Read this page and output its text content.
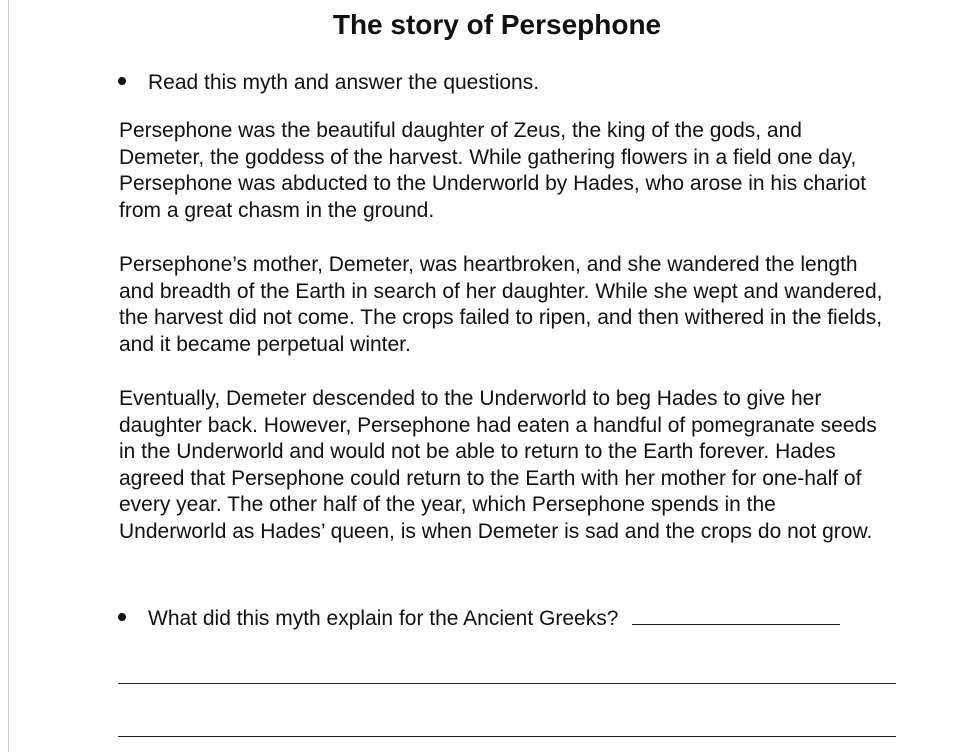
The story of Persephone
Read this myth and answer the questions.

Persephone was the beautiful daughter of Zeus, the king of the gods, and Demeter, the goddess of the harvest. While gathering flowers in a field one day, Persephone was abducted to the Underworld by Hades, who arose in his chariot from a great chasm in the ground.

Persephone’s mother, Demeter, was heartbroken, and she wandered the length and breadth of the Earth in search of her daughter. While she wept and wandered, the harvest did not come. The crops failed to ripen, and then withered in the fields, and it became perpetual winter.

Eventually, Demeter descended to the Underworld to beg Hades to give her daughter back. However, Persephone had eaten a handful of pomegranate seeds in the Underworld and would not be able to return to the Earth forever. Hades agreed that Persephone could return to the Earth with her mother for one-half of every year. The other half of the year, which Persephone spends in the Underworld as Hades’ queen, is when Demeter is sad and the crops do not grow.

What did this myth explain for the Ancient Greeks?
